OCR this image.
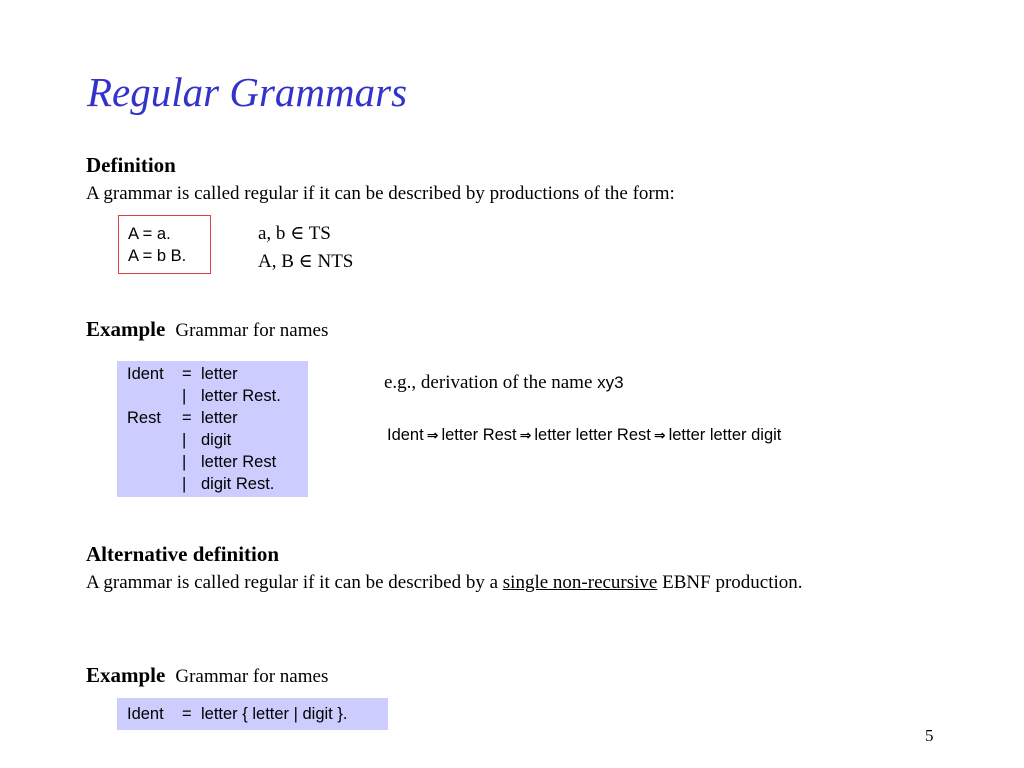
Regular Grammars
Definition
A grammar is called regular if it can be described by productions of the form:
A = a.
A = b B.
a, b ∈ TS
A, B ∈ NTS
Example Grammar for names
Ident	= letter
| letter Rest.
Rest	= letter
| digit
| letter Rest
| digit Rest.
e.g., derivation of the name xy3
Ident ⇒ letter Rest ⇒ letter letter Rest ⇒ letter letter digit
Alternative definition
A grammar is called regular if it can be described by a single non-recursive EBNF production.
Example Grammar for names
Ident	= letter { letter | digit }.
5
